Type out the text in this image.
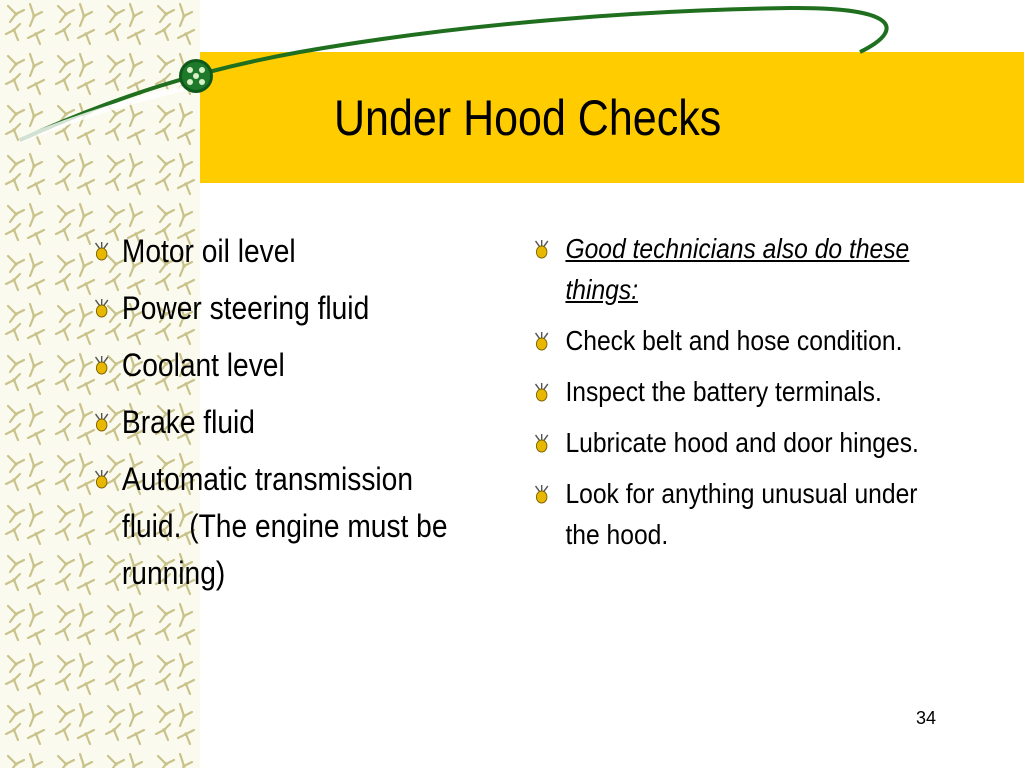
Under Hood Checks
Motor oil level
Power steering fluid
Coolant level
Brake fluid
Automatic transmission fluid. (The engine must be running)
Good technicians also do these things:
Check belt and hose condition.
Inspect the battery terminals.
Lubricate hood and door hinges.
Look for anything unusual under the hood.
34
